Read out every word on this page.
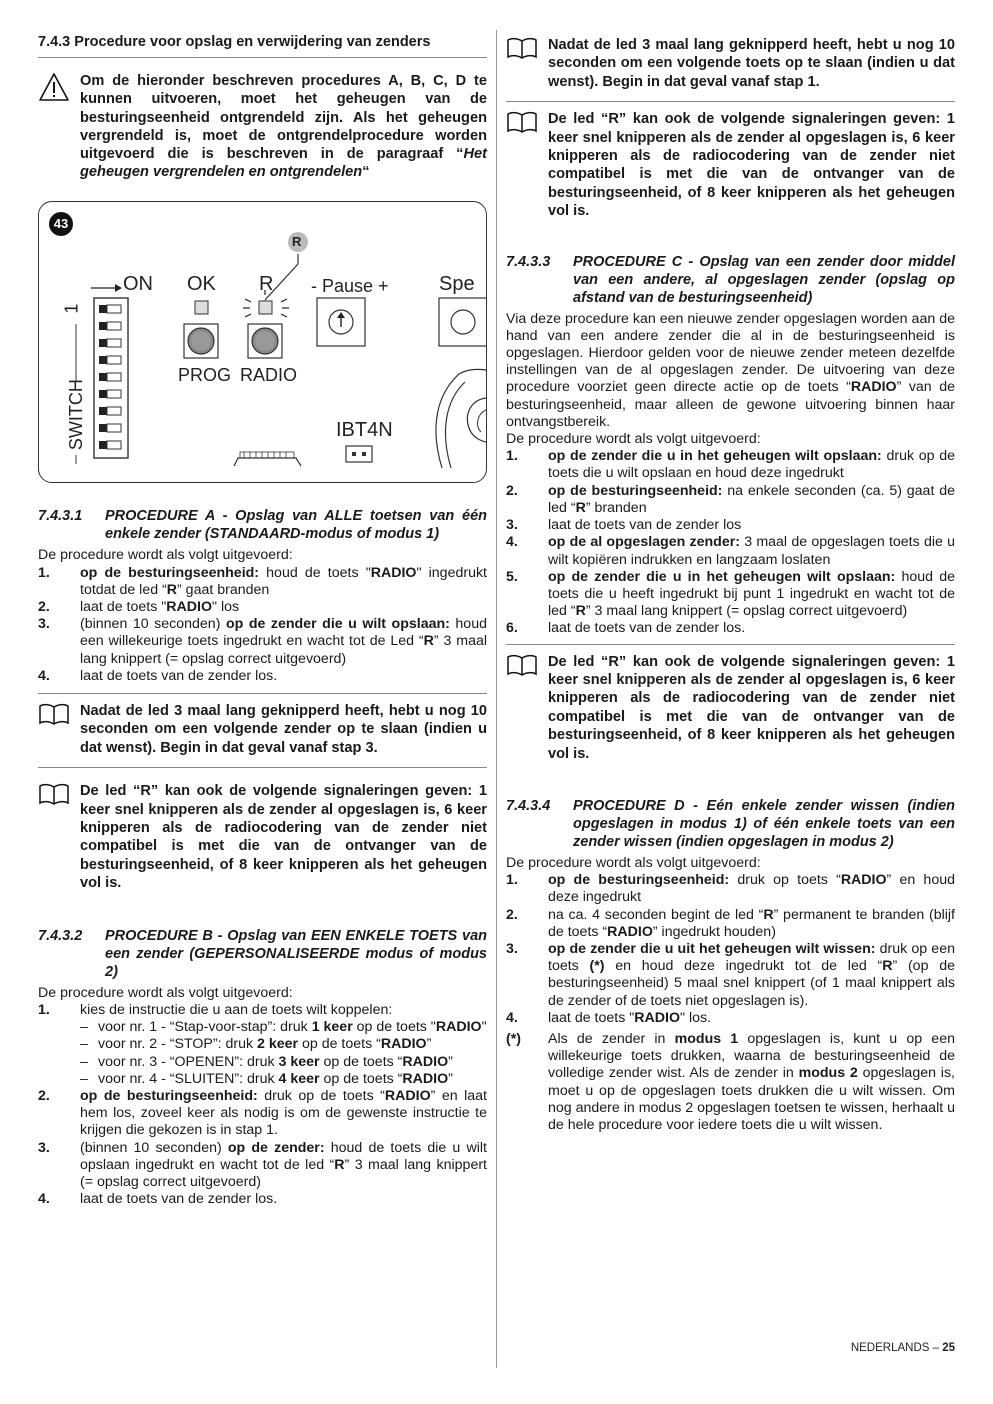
7.4.3 Procedure voor opslag en verwijdering van zenders
Om de hieronder beschreven procedures A, B, C, D te kunnen uitvoeren, moet het geheugen van de besturingseenheid ontgrendeld zijn. Als het geheugen vergrendeld is, moet de ontgrendelprocedure worden uitgevoerd die is beschreven in de paragraaf “Het geheugen vergrendelen en ontgrendelen“
43
R
ON OK R - Pause +	Spe
1
SWITCH
PROG RADIO
IBT4N
7.4.3.1	PROCEDURE A - Opslag van ALLE toetsen van één enkele zender (STANDAARD-modus of modus 1)

De procedure wordt als volgt uitgevoerd:

1.	op de besturingseenheid: houd de toets "RADIO" ingedrukt totdat de led “R” gaat branden
2.	laat de toets "RADIO" los
3.	(binnen 10 seconden) op de zender die u wilt opslaan: houd een willekeurige toets ingedrukt en wacht tot de Led “R” 3 maal lang knippert (= opslag correct uitgevoerd)
4.	laat de toets van de zender los.
Nadat de led 3 maal lang geknipperd heeft, hebt u nog 10 seconden om een volgende zender op te slaan (indien u dat wenst). Begin in dat geval vanaf stap 3.
De led “R” kan ook de volgende signaleringen geven: 1 keer snel knipperen als de zender al opgeslagen is, 6 keer knipperen als de radiocodering van de zender niet compatibel is met die van de ontvanger van de besturingseenheid, of 8 keer knipperen als het geheugen vol is.
7.4.3.2	PROCEDURE B - Opslag van EEN ENKELE TOETS van een zender (GEPERSONALISEERDE modus of modus 2)

De procedure wordt als volgt uitgevoerd:

1.	kies de instructie die u aan de toets wilt koppelen:
– voor nr. 1 - “Stap-voor-stap”: druk 1 keer op de toets "RADIO"
– voor nr. 2 - “STOP”: druk 2 keer op de toets “RADIO”
– voor nr. 3 - “OPENEN”: druk 3 keer op de toets “RADIO”
– voor nr. 4 - “SLUITEN”: druk 4 keer op de toets “RADIO”
2.	op de besturingseenheid: druk op de toets “RADIO” en laat hem los, zoveel keer als nodig is om de gewenste instructie te krijgen die gekozen is in stap 1.
3.	(binnen 10 seconden) op de zender: houd de toets die u wilt opslaan ingedrukt en wacht tot de led “R” 3 maal lang knippert (= opslag correct uitgevoerd)
4.	laat de toets van de zender los.
Nadat de led 3 maal lang geknipperd heeft, hebt u nog 10 seconden om een volgende toets op te slaan (indien u dat wenst). Begin in dat geval vanaf stap 1.
De led “R” kan ook de volgende signaleringen geven: 1 keer snel knipperen als de zender al opgeslagen is, 6 keer knipperen als de radiocodering van de zender niet compatibel is met die van de ontvanger van de besturingseenheid, of 8 keer knipperen als het geheugen vol is.
7.4.3.3	PROCEDURE C - Opslag van een zender door middel van een andere, al opgeslagen zender (opslag op afstand van de besturingseenheid)

Via deze procedure kan een nieuwe zender opgeslagen worden aan de hand van een andere zender die al in de besturingseenheid is opgeslagen. Hierdoor gelden voor de nieuwe zender meteen dezelfde instellingen van de al opgeslagen zender. De uitvoering van deze procedure voorziet geen directe actie op de toets “RADIO” van de besturingseenheid, maar alleen de gewone uitvoering binnen haar ontvangstbereik.

De procedure wordt als volgt uitgevoerd:

1.	op de zender die u in het geheugen wilt opslaan: druk op de toets die u wilt opslaan en houd deze ingedrukt
2.	op de besturingseenheid: na enkele seconden (ca. 5) gaat de led “R” branden
3.	laat de toets van de zender los
4.	op de al opgeslagen zender: 3 maal de opgeslagen toets die u wilt kopiëren indrukken en langzaam loslaten
5.	op de zender die u in het geheugen wilt opslaan: houd de toets die u heeft ingedrukt bij punt 1 ingedrukt en wacht tot de led “R” 3 maal lang knippert (= opslag correct uitgevoerd)
6.	laat de toets van de zender los.
De led “R” kan ook de volgende signaleringen geven: 1 keer snel knipperen als de zender al opgeslagen is, 6 keer knipperen als de radiocodering van de zender niet compatibel is met die van de ontvanger van de besturingseenheid, of 8 keer knipperen als het geheugen vol is.
7.4.3.4	PROCEDURE D - Eén enkele zender wissen (indien opgeslagen in modus 1) of één enkele toets van een zender wissen (indien opgeslagen in modus 2)

De procedure wordt als volgt uitgevoerd:

1.	op de besturingseenheid: druk op toets “RADIO” en houd deze ingedrukt
2.	na ca. 4 seconden begint de led “R” permanent te branden (blijf de toets “RADIO” ingedrukt houden)
3.	op de zender die u uit het geheugen wilt wissen: druk op een toets (*) en houd deze ingedrukt tot de led “R” (op de besturingseenheid) 5 maal snel knippert (of 1 maal knippert als de zender of de toets niet opgeslagen is).
4.	laat de toets "RADIO" los.
(*)	Als de zender in modus 1 opgeslagen is, kunt u op een willekeurige toets drukken, waarna de besturingseenheid de volledige zender wist. Als de zender in modus 2 opgeslagen is, moet u op de opgeslagen toets drukken die u wilt wissen. Om nog andere in modus 2 opgeslagen toetsen te wissen, herhaalt u de hele procedure voor iedere toets die u wilt wissen.
NEDERLANDS – 25
